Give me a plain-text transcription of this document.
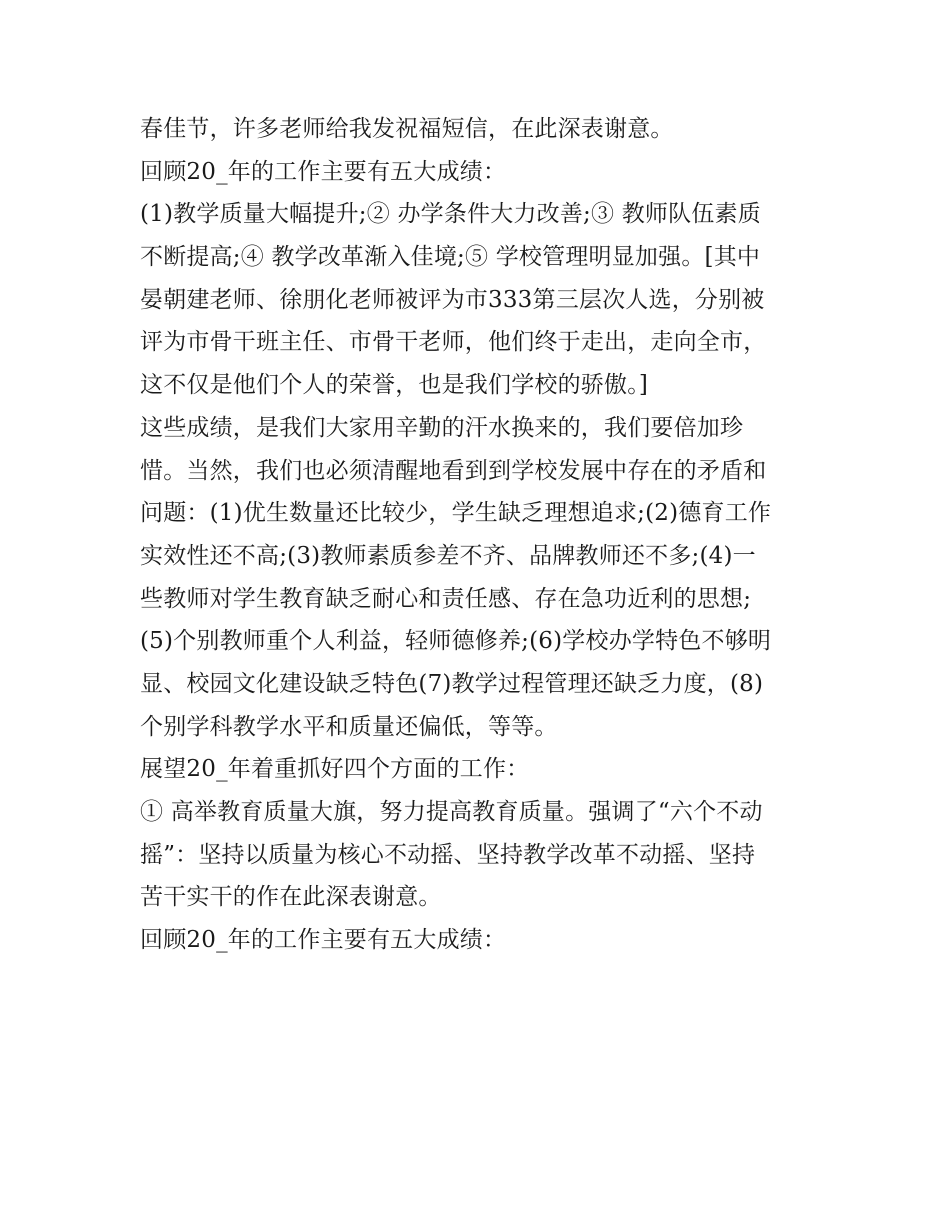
春佳节，许多老师给我发祝福短信，在此深表谢意。
回顾20_年的工作主要有五大成绩：
(1)教学质量大幅提升;② 办学条件大力改善;③ 教师队伍素质
不断提高;④ 教学改革渐入佳境;⑤ 学校管理明显加强。[其中
晏朝建老师、徐朋化老师被评为市333第三层次人选，分别被
评为市骨干班主任、市骨干老师，他们终于走出，走向全市，
这不仅是他们个人的荣誉，也是我们学校的骄傲。]
这些成绩，是我们大家用辛勤的汗水换来的，我们要倍加珍
惜。当然，我们也必须清醒地看到到学校发展中存在的矛盾和
问题：(1)优生数量还比较少，学生缺乏理想追求;(2)德育工作
实效性还不高;(3)教师素质参差不齐、品牌教师还不多;(4)一
些教师对学生教育缺乏耐心和责任感、存在急功近利的思想;
(5)个别教师重个人利益，轻师德修养;(6)学校办学特色不够明
显、校园文化建设缺乏特色(7)教学过程管理还缺乏力度，(8)
个别学科教学水平和质量还偏低，等等。
展望20_年着重抓好四个方面的工作：
① 高举教育质量大旗，努力提高教育质量。强调了“六个不动
摇”：坚持以质量为核心不动摇、坚持教学改革不动摇、坚持
苦干实干的作在此深表谢意。
回顾20_年的工作主要有五大成绩：
